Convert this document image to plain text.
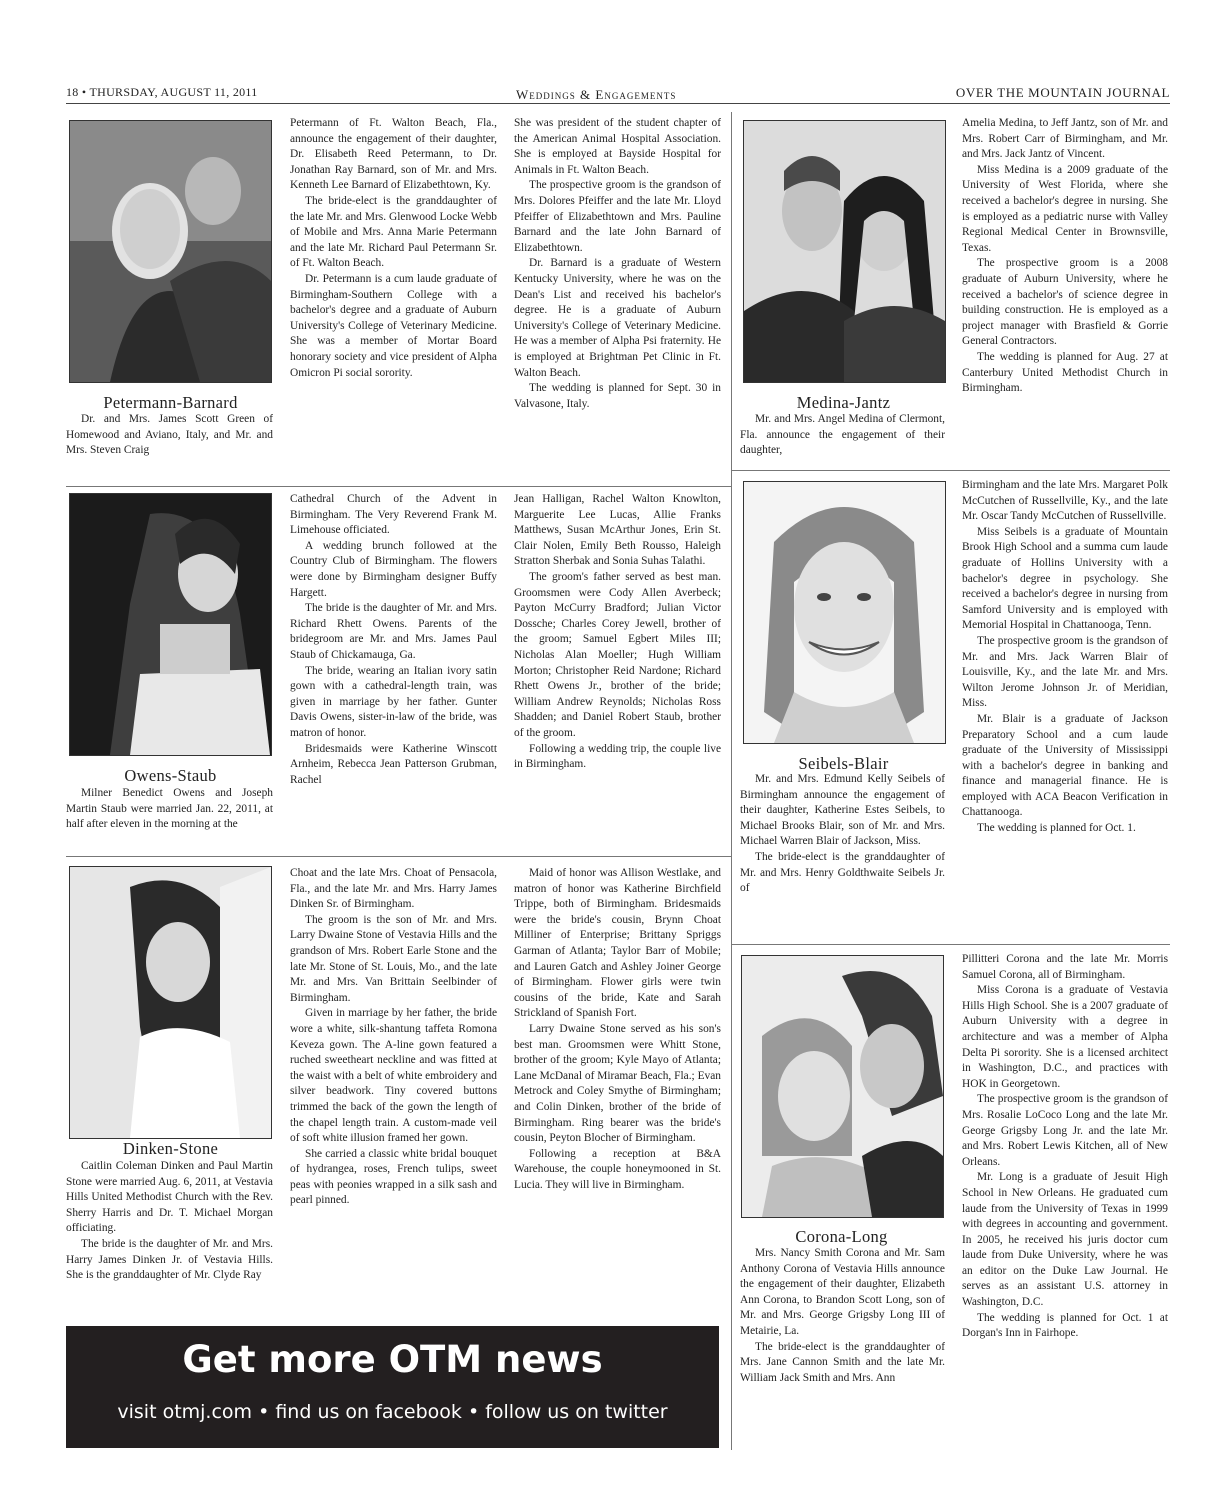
18 • THURSDAY, AUGUST 11, 2011	Weddings & Engagements	OVER THE MOUNTAIN JOURNAL
Petermann-Barnard

Dr. and Mrs. James Scott Green of Homewood and Aviano, Italy, and Mr. and Mrs. Steven Craig

Petermann of Ft. Walton Beach, Fla., announce the engagement of their daughter, Dr. Elisabeth Reed Petermann, to Dr. Jonathan Ray Barnard, son of Mr. and Mrs. Kenneth Lee Barnard of Elizabethtown, Ky.

The bride-elect is the granddaughter of the late Mr. and Mrs. Glenwood Locke Webb of Mobile and Mrs. Anna Marie Petermann and the late Mr. Richard Paul Petermann Sr. of Ft. Walton Beach.

Dr. Petermann is a cum laude graduate of Birmingham-Southern College with a bachelor's degree and a graduate of Auburn University's College of Veterinary Medicine. She was a member of Mortar Board honorary society and vice president of Alpha Omicron Pi social sorority.

She was president of the student chapter of the American Animal Hospital Association. She is employed at Bayside Hospital for Animals in Ft. Walton Beach.

The prospective groom is the grandson of Mrs. Dolores Pfeiffer and the late Mr. Lloyd Pfeiffer of Elizabethtown and Mrs. Pauline Barnard and the late John Barnard of Elizabethtown.

Dr. Barnard is a graduate of Western Kentucky University, where he was on the Dean's List and received his bachelor's degree. He is a graduate of Auburn University's College of Veterinary Medicine. He was a member of Alpha Psi fraternity. He is employed at Brightman Pet Clinic in Ft. Walton Beach.

The wedding is planned for Sept. 30 in Valvasone, Italy.

Owens-Staub

Milner Benedict Owens and Joseph Martin Staub were married Jan. 22, 2011, at half after eleven in the morning at the

Cathedral Church of the Advent in Birmingham. The Very Reverend Frank M. Limehouse officiated.

A wedding brunch followed at the Country Club of Birmingham. The flowers were done by Birmingham designer Buffy Hargett.

The bride is the daughter of Mr. and Mrs. Richard Rhett Owens. Parents of the bridegroom are Mr. and Mrs. James Paul Staub of Chickamauga, Ga.

The bride, wearing an Italian ivory satin gown with a cathedral-length train, was given in marriage by her father. Gunter Davis Owens, sister-in-law of the bride, was matron of honor.

Bridesmaids were Katherine Winscott Arnheim, Rebecca Jean Patterson Grubman, Rachel

Jean Halligan, Rachel Walton Knowlton, Marguerite Lee Lucas, Allie Franks Matthews, Susan McArthur Jones, Erin St. Clair Nolen, Emily Beth Rousso, Haleigh Stratton Sherbak and Sonia Suhas Talathi.

The groom's father served as best man. Groomsmen were Cody Allen Averbeck; Payton McCurry Bradford; Julian Victor Dossche; Charles Corey Jewell, brother of the groom; Samuel Egbert Miles III; Nicholas Alan Moeller; Hugh William Morton; Christopher Reid Nardone; Richard Rhett Owens Jr., brother of the bride; William Andrew Reynolds; Nicholas Ross Shadden; and Daniel Robert Staub, brother of the groom.

Following a wedding trip, the couple live in Birmingham.

Dinken-Stone

Caitlin Coleman Dinken and Paul Martin Stone were married Aug. 6, 2011, at Vestavia Hills United Methodist Church with the Rev. Sherry Harris and Dr. T. Michael Morgan officiating.

The bride is the daughter of Mr. and Mrs. Harry James Dinken Jr. of Vestavia Hills. She is the granddaughter of Mr. Clyde Ray

Choat and the late Mrs. Choat of Pensacola, Fla., and the late Mr. and Mrs. Harry James Dinken Sr. of Birmingham.

The groom is the son of Mr. and Mrs. Larry Dwaine Stone of Vestavia Hills and the grandson of Mrs. Robert Earle Stone and the late Mr. Stone of St. Louis, Mo., and the late Mr. and Mrs. Van Brittain Seelbinder of Birmingham.

Given in marriage by her father, the bride wore a white, silk-shantung taffeta Romona Keveza gown. The A-line gown featured a ruched sweetheart neckline and was fitted at the waist with a belt of white embroidery and silver beadwork. Tiny covered buttons trimmed the back of the gown the length of the chapel length train. A custom-made veil of soft white illusion framed her gown.

She carried a classic white bridal bouquet of hydrangea, roses, French tulips, sweet peas with peonies wrapped in a silk sash and pearl pinned.

Maid of honor was Allison Westlake, and matron of honor was Katherine Birchfield Trippe, both of Birmingham. Bridesmaids were the bride's cousin, Brynn Choat Milliner of Enterprise; Brittany Spriggs Garman of Atlanta; Taylor Barr of Mobile; and Lauren Gatch and Ashley Joiner George of Birmingham. Flower girls were twin cousins of the bride, Kate and Sarah Strickland of Spanish Fort.

Larry Dwaine Stone served as his son's best man. Groomsmen were Whitt Stone, brother of the groom; Kyle Mayo of Atlanta; Lane McDanal of Miramar Beach, Fla.; Evan Metrock and Coley Smythe of Birmingham; and Colin Dinken, brother of the bride of Birmingham. Ring bearer was the bride's cousin, Peyton Blocher of Birmingham.

Following a reception at B&A Warehouse, the couple honeymooned in St. Lucia. They will live in Birmingham.

Get more OTM news
visit otmj.com • find us on facebook • follow us on twitter
Medina-Jantz

Mr. and Mrs. Angel Medina of Clermont, Fla. announce the engagement of their daughter,

Amelia Medina, to Jeff Jantz, son of Mr. and Mrs. Robert Carr of Birmingham, and Mr. and Mrs. Jack Jantz of Vincent.

Miss Medina is a 2009 graduate of the University of West Florida, where she received a bachelor's degree in nursing. She is employed as a pediatric nurse with Valley Regional Medical Center in Brownsville, Texas.

The prospective groom is a 2008 graduate of Auburn University, where he received a bachelor's of science degree in building construction. He is employed as a project manager with Brasfield & Gorrie General Contractors.

The wedding is planned for Aug. 27 at Canterbury United Methodist Church in Birmingham.

Seibels-Blair

Mr. and Mrs. Edmund Kelly Seibels of Birmingham announce the engagement of their daughter, Katherine Estes Seibels, to Michael Brooks Blair, son of Mr. and Mrs. Michael Warren Blair of Jackson, Miss.

The bride-elect is the granddaughter of Mr. and Mrs. Henry Goldthwaite Seibels Jr. of

Birmingham and the late Mrs. Margaret Polk McCutchen of Russellville, Ky., and the late Mr. Oscar Tandy McCutchen of Russellville.

Miss Seibels is a graduate of Mountain Brook High School and a summa cum laude graduate of Hollins University with a bachelor's degree in psychology. She received a bachelor's degree in nursing from Samford University and is employed with Memorial Hospital in Chattanooga, Tenn.

The prospective groom is the grandson of Mr. and Mrs. Jack Warren Blair of Louisville, Ky., and the late Mr. and Mrs. Wilton Jerome Johnson Jr. of Meridian, Miss.

Mr. Blair is a graduate of Jackson Preparatory School and a cum laude graduate of the University of Mississippi with a bachelor's degree in banking and finance and managerial finance. He is employed with ACA Beacon Verification in Chattanooga.

The wedding is planned for Oct. 1.

Corona-Long

Mrs. Nancy Smith Corona and Mr. Sam Anthony Corona of Vestavia Hills announce the engagement of their daughter, Elizabeth Ann Corona, to Brandon Scott Long, son of Mr. and Mrs. George Grigsby Long III of Metairie, La.

The bride-elect is the granddaughter of Mrs. Jane Cannon Smith and the late Mr. William Jack Smith and Mrs. Ann

Pillitteri Corona and the late Mr. Morris Samuel Corona, all of Birmingham.

Miss Corona is a graduate of Vestavia Hills High School. She is a 2007 graduate of Auburn University with a degree in architecture and was a member of Alpha Delta Pi sorority. She is a licensed architect in Washington, D.C., and practices with HOK in Georgetown.

The prospective groom is the grandson of Mrs. Rosalie LoCoco Long and the late Mr. George Grigsby Long Jr. and the late Mr. and Mrs. Robert Lewis Kitchen, all of New Orleans.

Mr. Long is a graduate of Jesuit High School in New Orleans. He graduated cum laude from the University of Texas in 1999 with degrees in accounting and government. In 2005, he received his juris doctor cum laude from Duke University, where he was an editor on the Duke Law Journal. He serves as an assistant U.S. attorney in Washington, D.C.

The wedding is planned for Oct. 1 at Dorgan's Inn in Fairhope.
